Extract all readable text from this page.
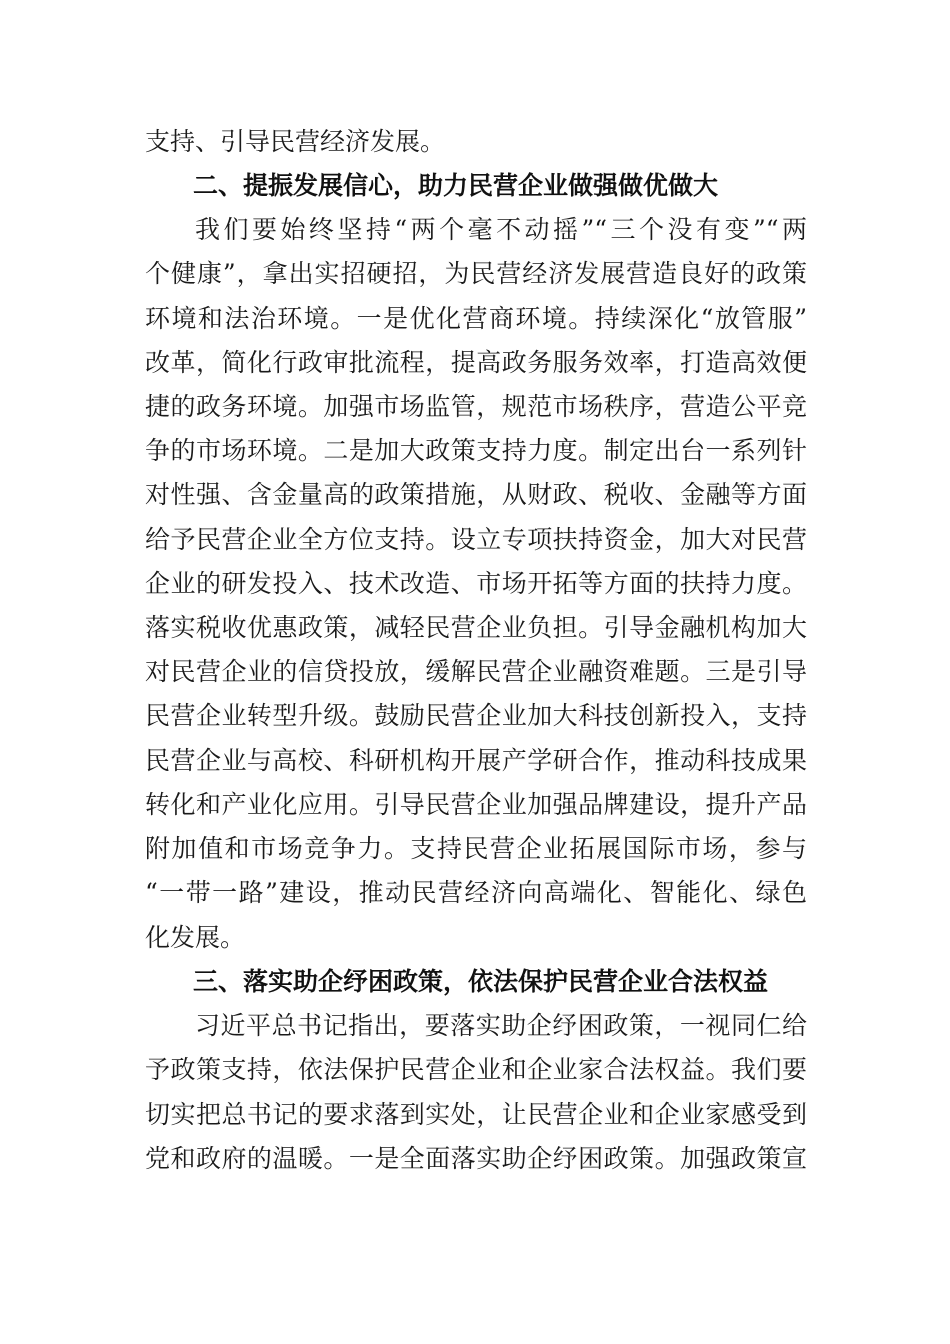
支持、引导民营经济发展。
二、提振发展信心，助力民营企业做强做优做大
我们要始终坚持“两个毫不动摇”“三个没有变”“两
个健康”，拿出实招硬招，为民营经济发展营造良好的政策
环境和法治环境。一是优化营商环境。持续深化“放管服”
改革，简化行政审批流程，提高政务服务效率，打造高效便
捷的政务环境。加强市场监管，规范市场秩序，营造公平竞
争的市场环境。二是加大政策支持力度。制定出台一系列针
对性强、含金量高的政策措施，从财政、税收、金融等方面
给予民营企业全方位支持。设立专项扶持资金，加大对民营
企业的研发投入、技术改造、市场开拓等方面的扶持力度。
落实税收优惠政策，减轻民营企业负担。引导金融机构加大
对民营企业的信贷投放，缓解民营企业融资难题。三是引导
民营企业转型升级。鼓励民营企业加大科技创新投入，支持
民营企业与高校、科研机构开展产学研合作，推动科技成果
转化和产业化应用。引导民营企业加强品牌建设，提升产品
附加值和市场竞争力。支持民营企业拓展国际市场，参与
“一带一路”建设，推动民营经济向高端化、智能化、绿色
化发展。
三、落实助企纾困政策，依法保护民营企业合法权益
习近平总书记指出，要落实助企纾困政策，一视同仁给
予政策支持，依法保护民营企业和企业家合法权益。我们要
切实把总书记的要求落到实处，让民营企业和企业家感受到
党和政府的温暖。一是全面落实助企纾困政策。加强政策宣
